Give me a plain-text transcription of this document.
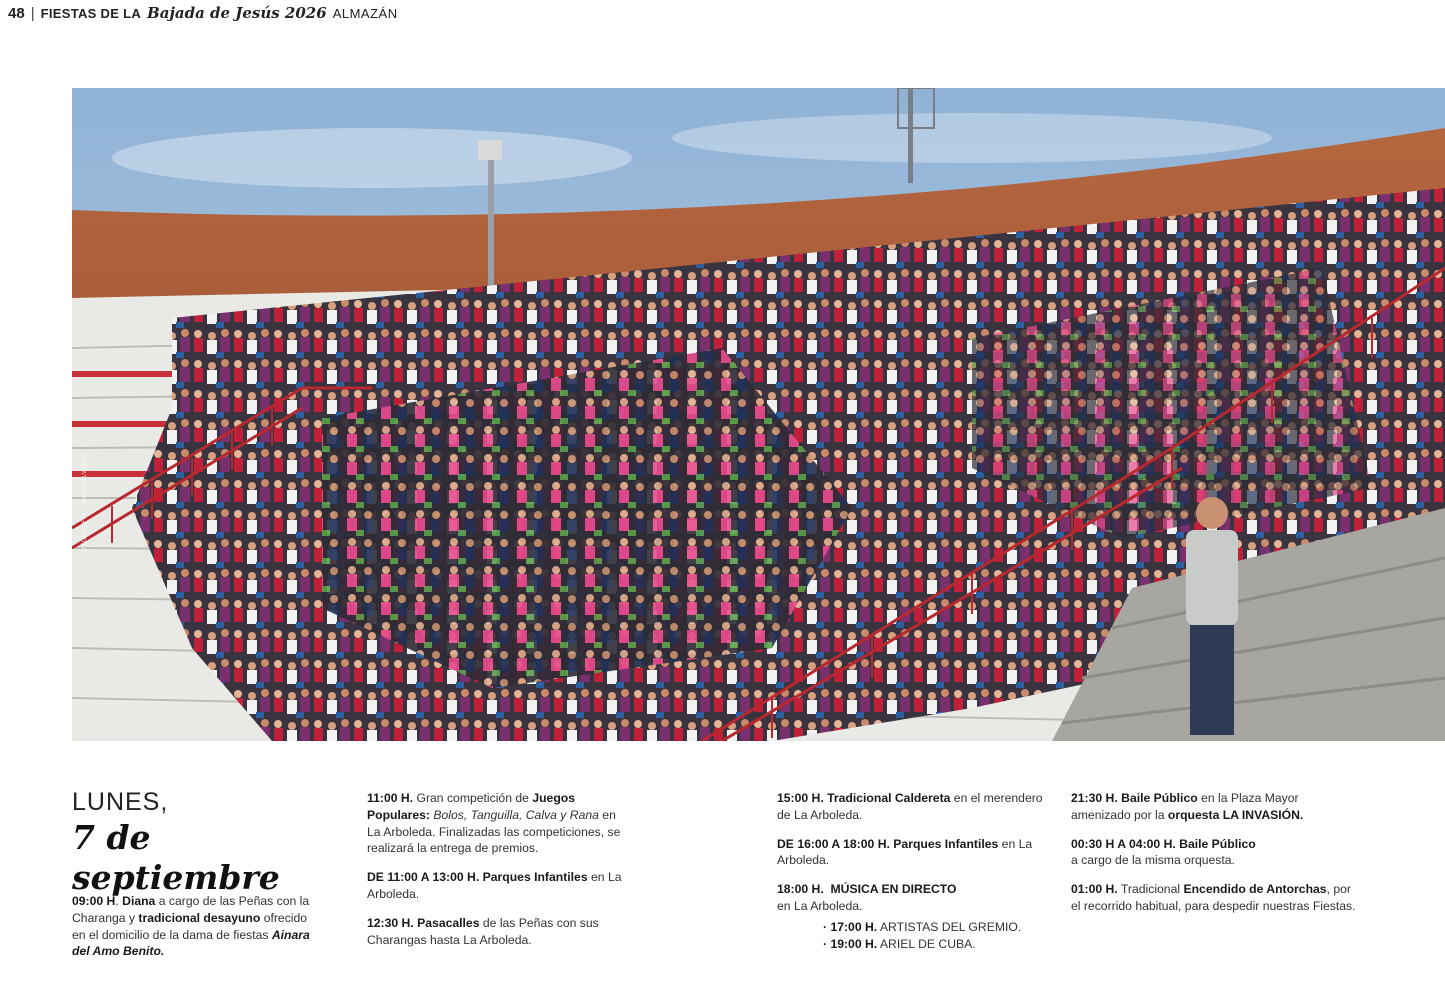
48 | FIESTAS DE LA Bajada de Jesús 2026 ALMAZÁN
FOTOGRAFÍA: JAVIER ÁLVAREZ
LUNES,
7 de septiembre

09:00 H. Diana a cargo de las Peñas con la Charanga y tradicional desayuno ofrecido en el domicilio de la dama de fiestas Ainara del Amo Benito.

11:00 H. Gran competición de Juegos Populares: Bolos, Tanguilla, Calva y Rana en La Arboleda. Finalizadas las competiciones, se realizará la entrega de premios.

DE 11:00 A 13:00 H. Parques Infantiles en La Arboleda.

12:30 H. Pasacalles de las Peñas con sus Charangas hasta La Arboleda.

15:00 H. Tradicional Caldereta en el merendero de La Arboleda.

DE 16:00 A 18:00 H. Parques Infantiles en La Arboleda.

18:00 H.  MÚSICA EN DIRECTO
en La Arboleda.

· 17:00 H. ARTISTAS DEL GREMIO.
· 19:00 H. ARIEL DE CUBA.

21:30 H. Baile Público en la Plaza Mayor amenizado por la orquesta LA INVASIÓN.

00:30 H A 04:00 H. Baile Público
a cargo de la misma orquesta.

01:00 H. Tradicional Encendido de Antorchas, por el recorrido habitual, para despedir nuestras Fiestas.
